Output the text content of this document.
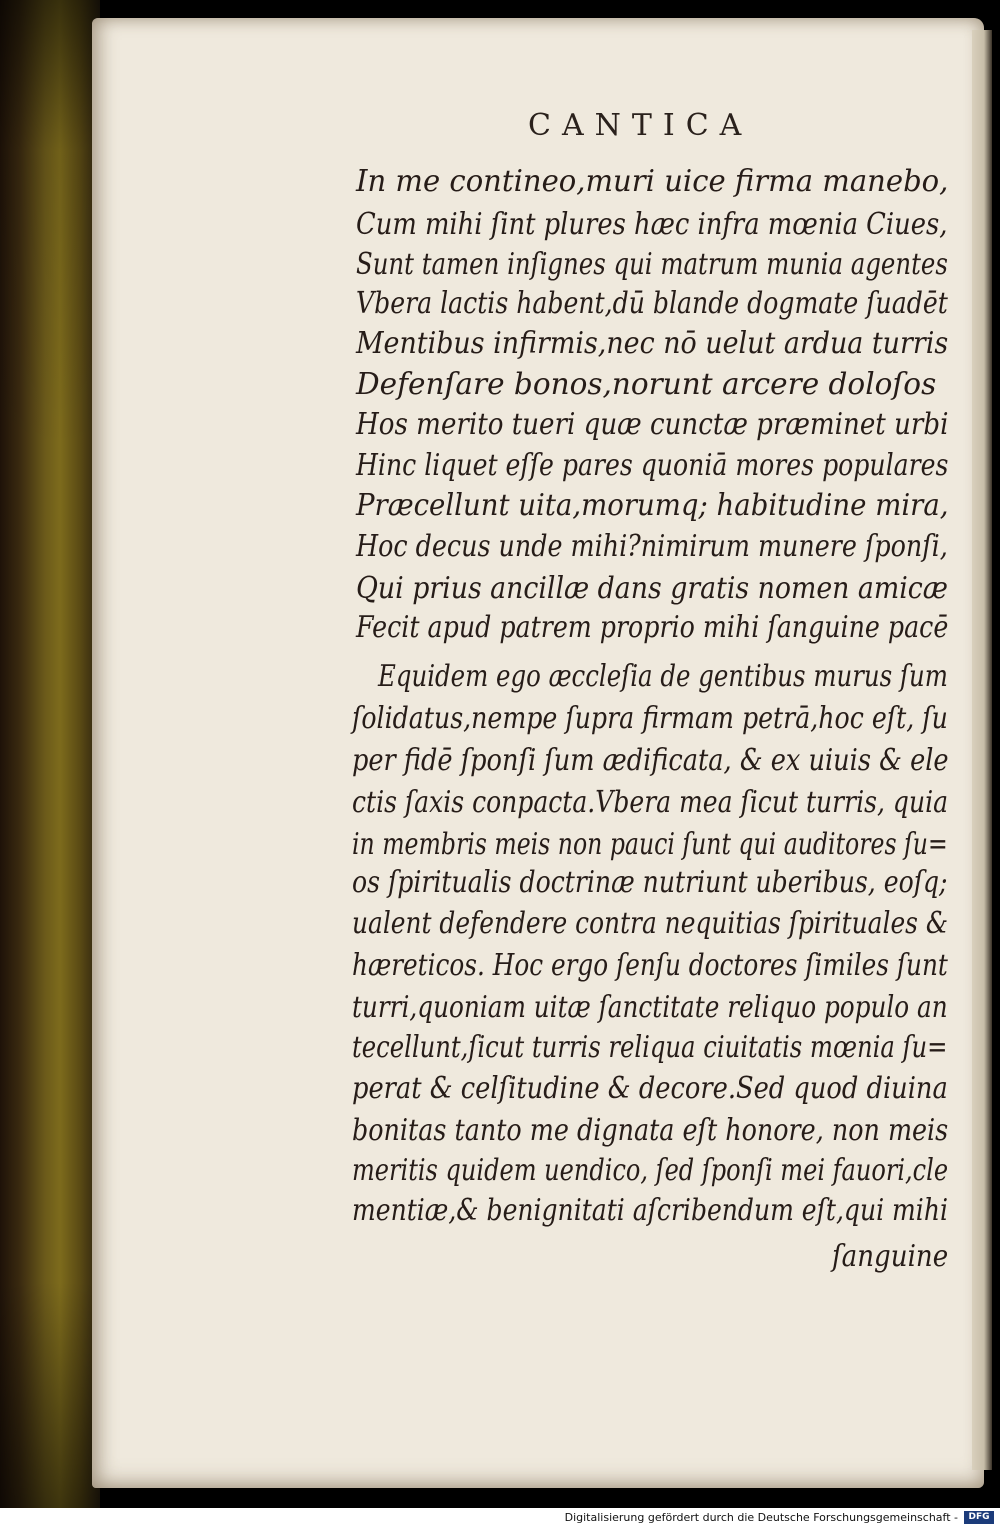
CANTICA
In me contineo,muri uice firma manebo,
Cum mihi ſint plures hæc infra mœnia Ciues,
Sunt tamen inſignes qui matrum munia agentes
Vbera lactis habent,dū blande dogmate ſuadēt
Mentibus infirmis,nec nō uelut ardua turris
Defenſare bonos,norunt arcere doloſos
Hos merito tueri quæ cunctæ præminet urbi
Hinc liquet eſſe pares quoniā mores populares
Præcellunt uita,morumq; habitudine mira,
Hoc decus unde mihi?nimirum munere ſponſi,
Qui prius ancillæ dans gratis nomen amicæ
Fecit apud patrem proprio mihi ſanguine pacē
Equidem ego æccleſia de gentibus murus ſum
ſolidatus,nempe ſupra firmam petrā,hoc eſt, ſu
per fidē ſponſi ſum ædificata, & ex uiuis & ele
ctis ſaxis conpacta.Vbera mea ſicut turris, quia
in membris meis non pauci ſunt qui auditores ſu=
os ſpiritualis doctrinæ nutriunt uberibus, eoſq;
ualent defendere contra nequitias ſpirituales &
hæreticos. Hoc ergo ſenſu doctores ſimiles ſunt
turri,quoniam uitæ ſanctitate reliquo populo an
tecellunt,ſicut turris reliqua ciuitatis mœnia ſu=
perat & celſitudine & decore.Sed quod diuina
bonitas tanto me dignata eſt honore, non meis
meritis quidem uendico, ſed ſponſi mei fauori,cle
mentiæ,& benignitati aſcribendum eſt,qui mihi
ſanguine
Digitalisierung gefördert durch die Deutsche Forschungsgemeinschaft -	DFG
